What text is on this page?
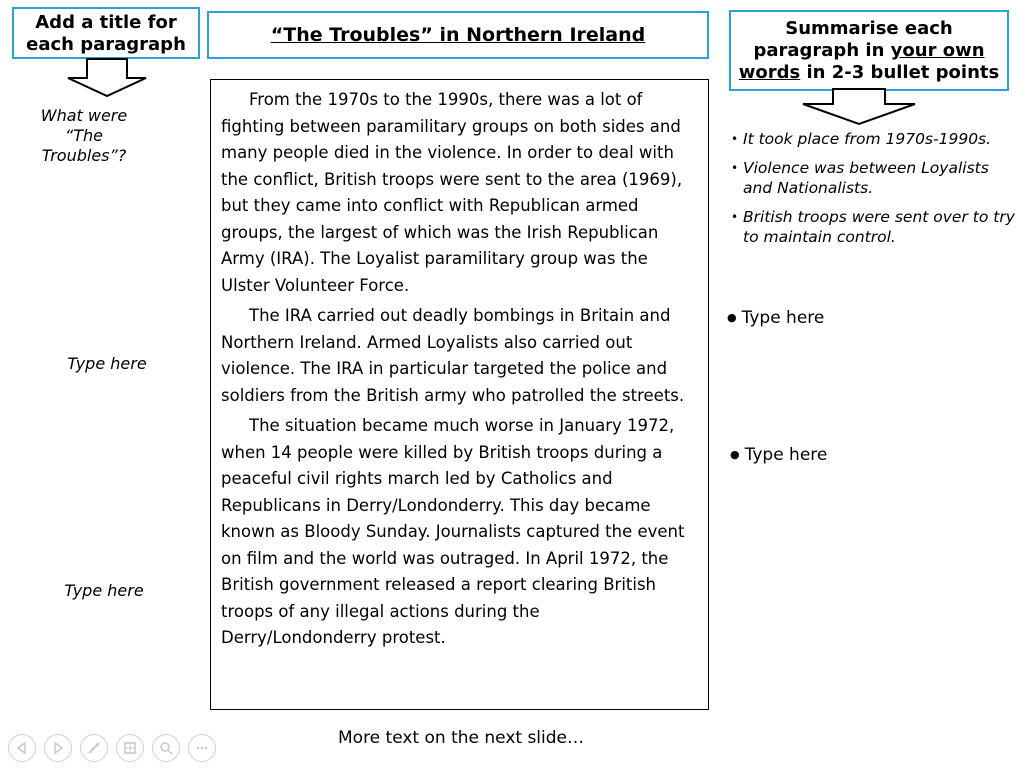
Add a title for each paragraph	“The Troubles” in Northern Ireland	Summarise each paragraph in your own words in 2-3 bullet points
What were “The Troubles”?
Type here
Type here

From the 1970s to the 1990s, there was a lot of fighting between paramilitary groups on both sides and many people died in the violence. In order to deal with the conflict, British troops were sent to the area (1969), but they came into conflict with Republican armed groups, the largest of which was the Irish Republican Army (IRA). The Loyalist paramilitary group was the Ulster Volunteer Force.

The IRA carried out deadly bombings in Britain and Northern Ireland. Armed Loyalists also carried out violence. The IRA in particular targeted the police and soldiers from the British army who patrolled the streets.

The situation became much worse in January 1972, when 14 people were killed by British troops during a peaceful civil rights march led by Catholics and Republicans in Derry/Londonderry. This day became known as Bloody Sunday. Journalists captured the event on film and the world was outraged. In April 1972, the British government released a report clearing British troops of any illegal actions during the Derry/Londonderry protest.

• It took place from 1970s-1990s.
• Violence was between Loyalists and Nationalists.
• British troops were sent over to try to maintain control.
● Type here
● Type here
More text on the next slide…
